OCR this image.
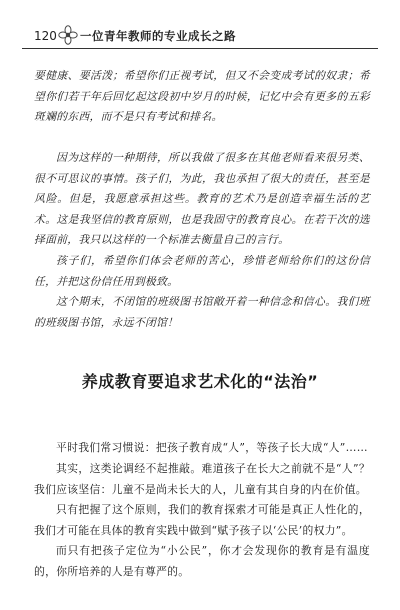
120 一位青年教师的专业成长之路

要健康、要活泼；希望你们正视考试，但又不会变成考试的奴隶；希望你们若干年后回忆起这段初中岁月的时候，记忆中会有更多的五彩斑斓的东西，而不是只有考试和排名。

因为这样的一种期待，所以我做了很多在其他老师看来很另类、很不可思议的事情。孩子们，为此，我也承担了很大的责任，甚至是风险。但是，我愿意承担这些。教育的艺术乃是创造幸福生活的艺术。这是我坚信的教育原则，也是我固守的教育良心。在若干次的选择面前，我只以这样的一个标准去衡量自己的言行。

孩子们，希望你们体会老师的苦心，珍惜老师给你们的这份信任，并把这份信任用到极致。

这个期末，不闭馆的班级图书馆敞开着一种信念和信心。我们班的班级图书馆，永远不闭馆！

养成教育要追求艺术化的“法治”

平时我们常习惯说：把孩子教育成“人”，等孩子长大成“人”……

其实，这类论调经不起推敲。难道孩子在长大之前就不是“人”？我们应该坚信：儿童不是尚未长大的人，儿童有其自身的内在价值。

只有把握了这个原则，我们的教育探索才可能是真正人性化的，我们才可能在具体的教育实践中做到“赋予孩子以‘公民’的权力”。

而只有把孩子定位为“小公民”，你才会发现你的教育是有温度的，你所培养的人是有尊严的。
